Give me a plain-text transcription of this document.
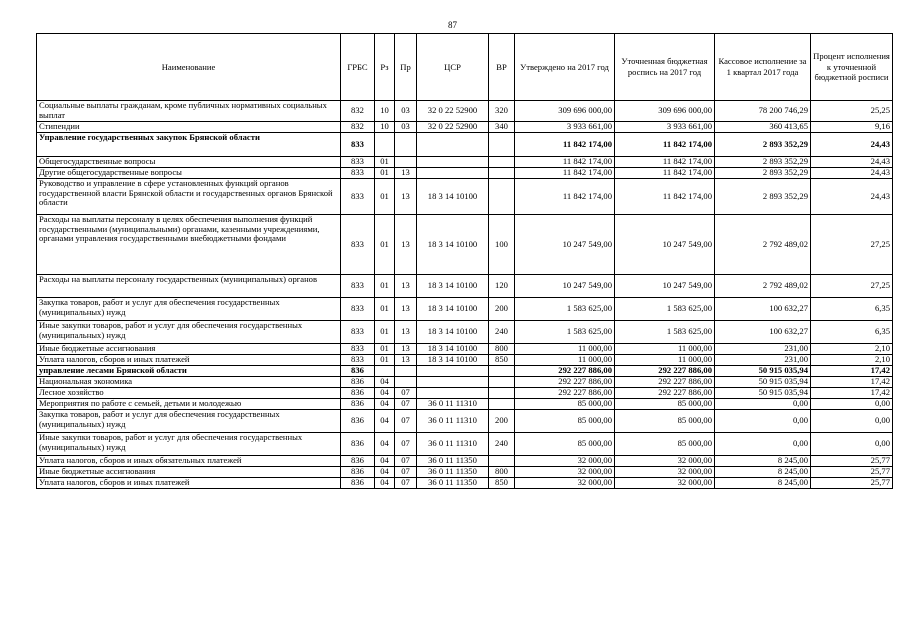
87
Наименование	ГРБС	Рз	Пр	ЦСР	ВР	Утверждено на 2017 год	Уточненная бюджетная роспись на 2017 год	Кассовое исполнение за 1 квартал 2017 года	Процент исполнения к уточненной бюджетной росписи
Социальные выплаты гражданам, кроме публичных нормативных социальных выплат	832	10	03	32 0 22 52900	320	309 696 000,00	309 696 000,00	78 200 746,29	25,25
Стипендии	832	10	03	32 0 22 52900	340	3 933 661,00	3 933 661,00	360 413,65	9,16
Управление государственных закупок Брянской области	833					11 842 174,00	11 842 174,00	2 893 352,29	24,43
Общегосударственные вопросы	833	01				11 842 174,00	11 842 174,00	2 893 352,29	24,43
Другие общегосударственные вопросы	833	01	13			11 842 174,00	11 842 174,00	2 893 352,29	24,43
Руководство и управление в сфере установленных функций органов государственной власти Брянской области и государственных органов Брянской области	833	01	13	18 3 14 10100		11 842 174,00	11 842 174,00	2 893 352,29	24,43
Расходы на выплаты персоналу в целях обеспечения выполнения функций государственными (муниципальными) органами, казенными учреждениями, органами управления государственными внебюджетными фондами	833	01	13	18 3 14 10100	100	10 247 549,00	10 247 549,00	2 792 489,02	27,25
Расходы на выплаты персоналу государственных (муниципальных) органов	833	01	13	18 3 14 10100	120	10 247 549,00	10 247 549,00	2 792 489,02	27,25
Закупка товаров, работ и услуг для обеспечения государственных (муниципальных) нужд	833	01	13	18 3 14 10100	200	1 583 625,00	1 583 625,00	100 632,27	6,35
Иные закупки товаров, работ и услуг для обеспечения государственных (муниципальных) нужд	833	01	13	18 3 14 10100	240	1 583 625,00	1 583 625,00	100 632,27	6,35
Иные бюджетные ассигнования	833	01	13	18 3 14 10100	800	11 000,00	11 000,00	231,00	2,10
Уплата налогов, сборов и иных платежей	833	01	13	18 3 14 10100	850	11 000,00	11 000,00	231,00	2,10
управление лесами Брянской области	836					292 227 886,00	292 227 886,00	50 915 035,94	17,42
Национальная экономика	836	04				292 227 886,00	292 227 886,00	50 915 035,94	17,42
Лесное хозяйство	836	04	07			292 227 886,00	292 227 886,00	50 915 035,94	17,42
Мероприятия по работе с семьей, детьми и молодежью	836	04	07	36 0 11 11310		85 000,00	85 000,00	0,00	0,00
Закупка товаров, работ и услуг для обеспечения государственных (муниципальных) нужд	836	04	07	36 0 11 11310	200	85 000,00	85 000,00	0,00	0,00
Иные закупки товаров, работ и услуг для обеспечения государственных (муниципальных) нужд	836	04	07	36 0 11 11310	240	85 000,00	85 000,00	0,00	0,00
Уплата налогов, сборов и иных обязательных платежей	836	04	07	36 0 11 11350		32 000,00	32 000,00	8 245,00	25,77
Иные бюджетные ассигнования	836	04	07	36 0 11 11350	800	32 000,00	32 000,00	8 245,00	25,77
Уплата налогов, сборов и иных платежей	836	04	07	36 0 11 11350	850	32 000,00	32 000,00	8 245,00	25,77
